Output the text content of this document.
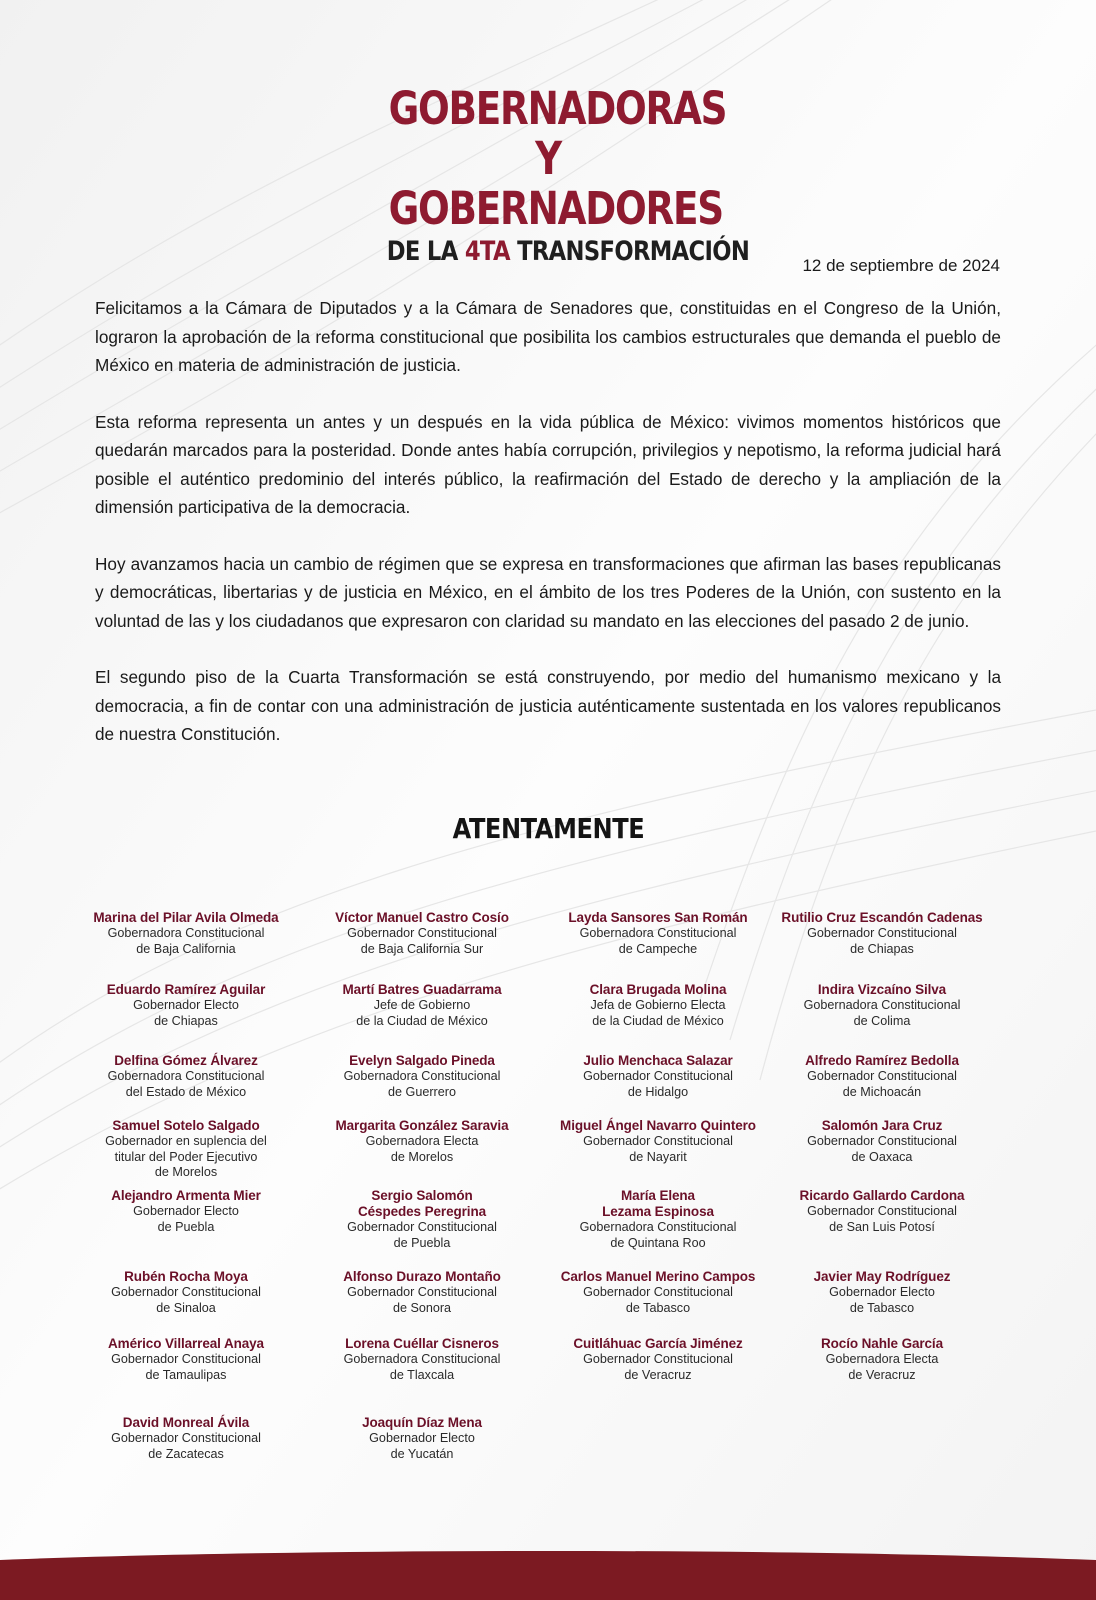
GOBERNADORAS
Y GOBERNADORES
DE LA 4TA TRANSFORMACIÓN	12 de septiembre de 2024

Felicitamos a la Cámara de Diputados y a la Cámara de Senadores que, constituidas en el Congreso de la Unión, lograron la aprobación de la reforma constitucional que posibilita los cambios estructurales que demanda el pueblo de México en materia de administración de justicia.

Esta reforma representa un antes y un después en la vida pública de México: vivimos momentos históricos que quedarán marcados para la posteridad. Donde antes había corrupción, privilegios y nepotismo, la reforma judicial hará posible el auténtico predominio del interés público, la reafirmación del Estado de derecho y la ampliación de la dimensión participativa de la democracia.

Hoy avanzamos hacia un cambio de régimen que se expresa en transformaciones que afirman las bases republicanas y democráticas, libertarias y de justicia en México, en el ámbito de los tres Poderes de la Unión, con sustento en la voluntad de las y los ciudadanos que expresaron con claridad su mandato en las elecciones del pasado 2 de junio.

El segundo piso de la Cuarta Transformación se está construyendo, por medio del humanismo mexicano y la democracia, a fin de contar con una administración de justicia auténticamente sustentada en los valores republicanos de nuestra Constitución.

ATENTAMENTE
Marina del Pilar Avila Olmeda
Gobernadora Constitucional
de Baja California
Víctor Manuel Castro Cosío
Gobernador Constitucional
de Baja California Sur
Layda Sansores San Román
Gobernadora Constitucional
de Campeche
Rutilio Cruz Escandón Cadenas
Gobernador Constitucional
de Chiapas
Eduardo Ramírez Aguilar
Gobernador Electo
de Chiapas
Martí Batres Guadarrama
Jefe de Gobierno
de la Ciudad de México
Clara Brugada Molina
Jefa de Gobierno Electa
de la Ciudad de México
Indira Vizcaíno Silva
Gobernadora Constitucional
de Colima
Delfina Gómez Álvarez
Gobernadora Constitucional
del Estado de México
Evelyn Salgado Pineda
Gobernadora Constitucional
de Guerrero
Julio Menchaca Salazar
Gobernador Constitucional
de Hidalgo
Alfredo Ramírez Bedolla
Gobernador Constitucional
de Michoacán
Samuel Sotelo Salgado
Gobernador en suplencia del
titular del Poder Ejecutivo
de Morelos
Margarita González Saravia
Gobernadora Electa
de Morelos
Miguel Ángel Navarro Quintero
Gobernador Constitucional
de Nayarit
Salomón Jara Cruz
Gobernador Constitucional
de Oaxaca
Alejandro Armenta Mier
Gobernador Electo
de Puebla
Sergio Salomón
Céspedes Peregrina
Gobernador Constitucional
de Puebla
María Elena
Lezama Espinosa
Gobernadora Constitucional
de Quintana Roo
Ricardo Gallardo Cardona
Gobernador Constitucional
de San Luis Potosí
Rubén Rocha Moya
Gobernador Constitucional
de Sinaloa
Alfonso Durazo Montaño
Gobernador Constitucional
de Sonora
Carlos Manuel Merino Campos
Gobernador Constitucional
de Tabasco
Javier May Rodríguez
Gobernador Electo
de Tabasco
Américo Villarreal Anaya
Gobernador Constitucional
de Tamaulipas
Lorena Cuéllar Cisneros
Gobernadora Constitucional
de Tlaxcala
Cuitláhuac García Jiménez
Gobernador Constitucional
de Veracruz
Rocío Nahle García
Gobernadora Electa
de Veracruz
David Monreal Ávila
Gobernador Constitucional
de Zacatecas
Joaquín Díaz Mena
Gobernador Electo
de Yucatán
